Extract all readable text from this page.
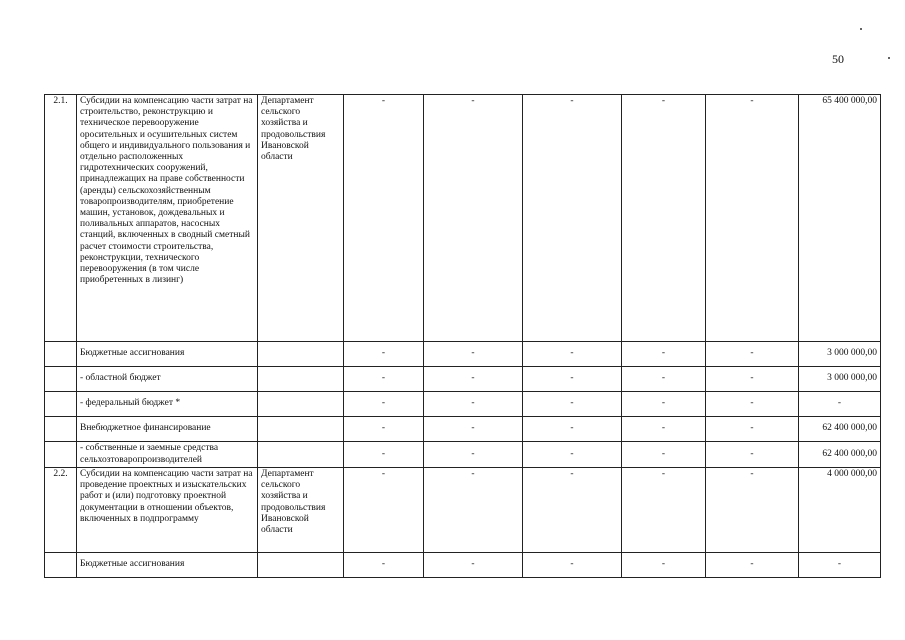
50
2.1.	Субсидии на компенсацию части затрат на строительство, реконструкцию и техническое перевооружение оросительных и осушительных систем общего и индивидуального пользования и отдельно расположенных гидротехнических сооружений, принадлежащих на праве собственности (аренды) сельскохозяйственным товаропроизводителям, приобретение машин, установок, дождевальных и поливальных аппаратов, насосных станций, включенных в сводный сметный расчет стоимости строительства, реконструкции, технического перевооружения (в том числе приобретенных в лизинг)	Департамент сельского хозяйства и продовольствия Ивановской области	-	-	-	-	-	65 400 000,00
	Бюджетные ассигнования		-	-	-	-	-	3 000 000,00
	- областной бюджет		-	-	-	-	-	3 000 000,00
	- федеральный бюджет *		-	-	-	-	-	-
	Внебюджетное финансирование		-	-	-	-	-	62 400 000,00
	- собственные и заемные средства сельхозтоваропроизводителей		-	-	-	-	-	62 400 000,00
2.2.	Субсидии на компенсацию части затрат на проведение проектных и изыскательских работ и (или) подготовку проектной документации в отношении объектов, включенных в подпрограмму	Департамент сельского хозяйства и продовольствия Ивановской области	-	-	-	-	-	4 000 000,00
	Бюджетные ассигнования		-	-	-	-	-	-
